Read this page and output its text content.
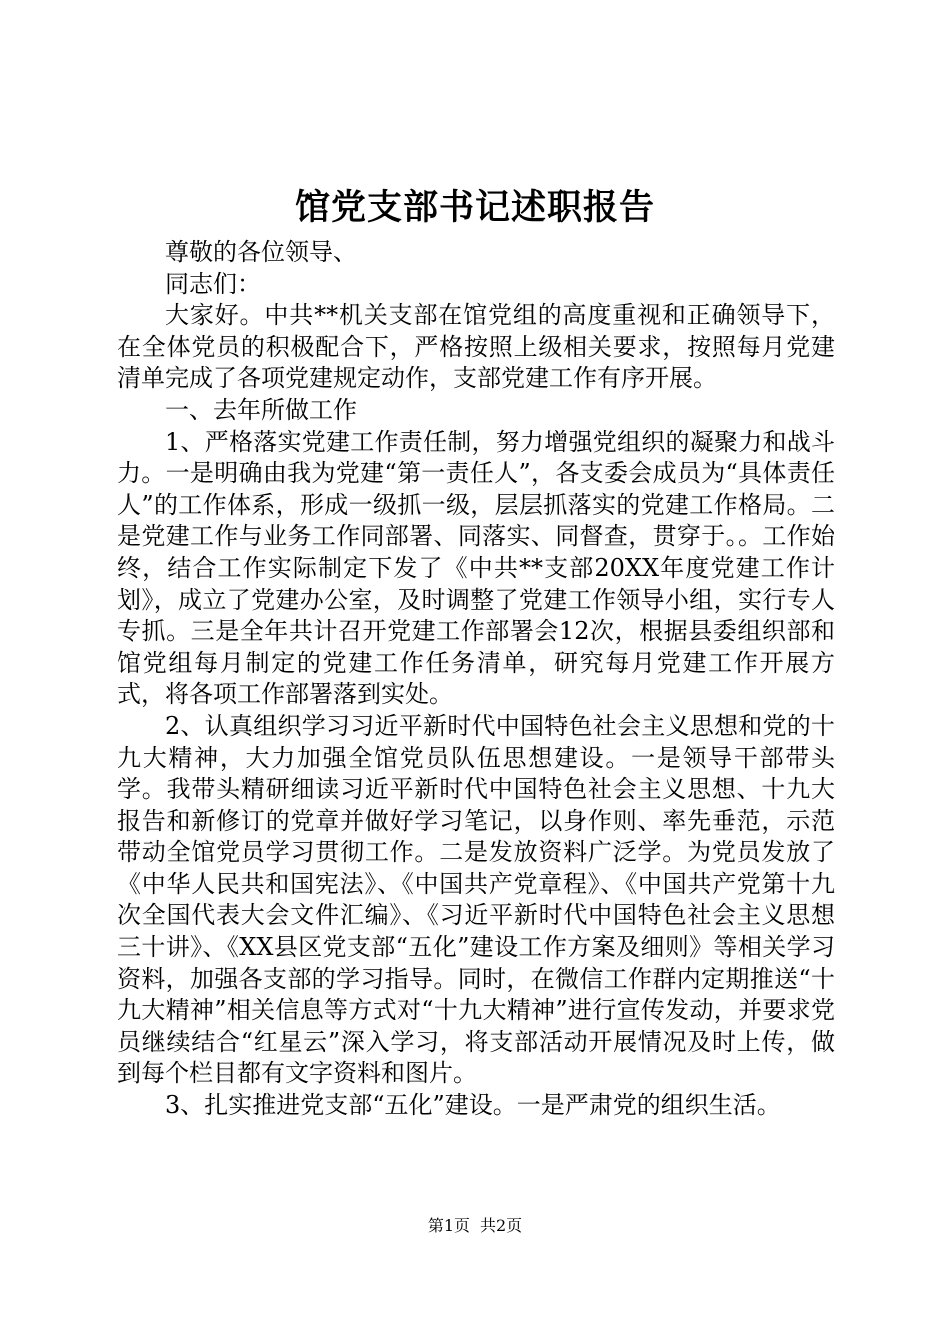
馆党支部书记述职报告

尊敬的各位领导、

同志们：

大家好。中共**机关支部在馆党组的高度重视和正确领导下，在全体党员的积极配合下，严格按照上级相关要求，按照每月党建清单完成了各项党建规定动作，支部党建工作有序开展。

一、去年所做工作

1、严格落实党建工作责任制，努力增强党组织的凝聚力和战斗力。一是明确由我为党建“第一责任人”，各支委会成员为“具体责任人”的工作体系，形成一级抓一级，层层抓落实的党建工作格局。二是党建工作与业务工作同部署、同落实、同督查，贯穿于。。工作始终，结合工作实际制定下发了《中共**支部20XX年度党建工作计划》，成立了党建办公室，及时调整了党建工作领导小组，实行专人专抓。三是全年共计召开党建工作部署会12次，根据县委组织部和馆党组每月制定的党建工作任务清单，研究每月党建工作开展方式，将各项工作部署落到实处。

2、认真组织学习习近平新时代中国特色社会主义思想和党的十九大精神，大力加强全馆党员队伍思想建设。一是领导干部带头学。我带头精研细读习近平新时代中国特色社会主义思想、十九大报告和新修订的党章并做好学习笔记，以身作则、率先垂范，示范带动全馆党员学习贯彻工作。二是发放资料广泛学。为党员发放了《中华人民共和国宪法》、《中国共产党章程》、《中国共产党第十九次全国代表大会文件汇编》、《习近平新时代中国特色社会主义思想三十讲》、《XX县区党支部“五化”建设工作方案及细则》等相关学习资料，加强各支部的学习指导。同时，在微信工作群内定期推送“十九大精神”相关信息等方式对“十九大精神”进行宣传发动，并要求党员继续结合“红星云”深入学习，将支部活动开展情况及时上传，做到每个栏目都有文字资料和图片。

3、扎实推进党支部“五化”建设。一是严肃党的组织生活。

第1页 共2页
